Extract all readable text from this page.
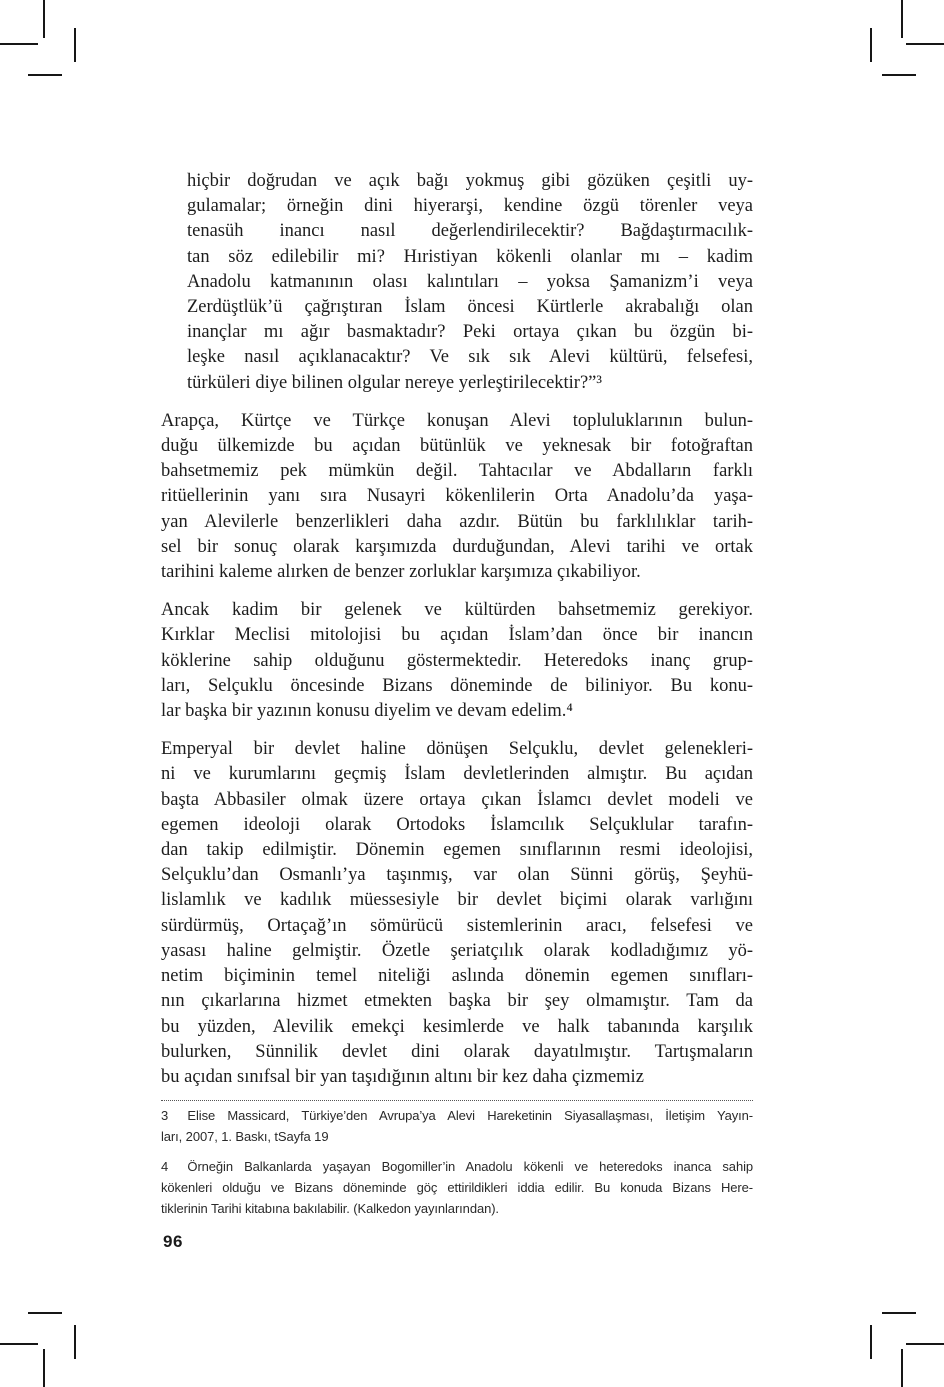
hiçbir doğrudan ve açık bağı yokmuş gibi gözüken çeşitli uy-
gulamalar; örneğin dini hiyerarşi, kendine özgü törenler veya
tenasüh inancı nasıl değerlendirilecektir? Bağdaştırmacılık-
tan söz edilebilir mi? Hıristiyan kökenli olanlar mı – kadim
Anadolu katmanının olası kalıntıları – yoksa Şamanizm’i veya
Zerdüştlük’ü çağrıştıran İslam öncesi Kürtlerle akrabalığı olan
inançlar mı ağır basmaktadır? Peki ortaya çıkan bu özgün bi-
leşke nasıl açıklanacaktır? Ve sık sık Alevi kültürü, felsefesi,
türküleri diye bilinen olgular nereye yerleştirilecektir?”³
Arapça, Kürtçe ve Türkçe konuşan Alevi topluluklarının bulun-
duğu ülkemizde bu açıdan bütünlük ve yeknesak bir fotoğraftan
bahsetmemiz pek mümkün değil. Tahtacılar ve Abdalların farklı
ritüellerinin yanı sıra Nusayri kökenlilerin Orta Anadolu’da yaşa-
yan Alevilerle benzerlikleri daha azdır. Bütün bu farklılıklar tarih-
sel bir sonuç olarak karşımızda durduğundan, Alevi tarihi ve ortak
tarihini kaleme alırken de benzer zorluklar karşımıza çıkabiliyor.
Ancak kadim bir gelenek ve kültürden bahsetmemiz gerekiyor.
Kırklar Meclisi mitolojisi bu açıdan İslam’dan önce bir inancın
köklerine sahip olduğunu göstermektedir. Heteredoks inanç grup-
ları, Selçuklu öncesinde Bizans döneminde de biliniyor. Bu konu-
lar başka bir yazının konusu diyelim ve devam edelim.⁴
Emperyal bir devlet haline dönüşen Selçuklu, devlet gelenekleri-
ni ve kurumlarını geçmiş İslam devletlerinden almıştır. Bu açıdan
başta Abbasiler olmak üzere ortaya çıkan İslamcı devlet modeli ve
egemen ideoloji olarak Ortodoks İslamcılık Selçuklular tarafın-
dan takip edilmiştir. Dönemin egemen sınıflarının resmi ideolojisi,
Selçuklu’dan Osmanlı’ya taşınmış, var olan Sünni görüş, Şeyhü-
lislamlık ve kadılık müessesiyle bir devlet biçimi olarak varlığını
sürdürmüş, Ortaçağ’ın sömürücü sistemlerinin aracı, felsefesi ve
yasası haline gelmiştir. Özetle şeriatçılık olarak kodladığımız yö-
netim biçiminin temel niteliği aslında dönemin egemen sınıfları-
nın çıkarlarına hizmet etmekten başka bir şey olmamıştır. Tam da
bu yüzden, Alevilik emekçi kesimlerde ve halk tabanında karşılık
bulurken, Sünnilik devlet dini olarak dayatılmıştır. Tartışmaların
bu açıdan sınıfsal bir yan taşıdığının altını bir kez daha çizmemiz
3  Elise Massicard, Türkiye’den Avrupa’ya Alevi Hareketinin Siyasallaşması, İletişim Yayın-
ları, 2007, 1. Baskı, tSayfa 19
4  Örneğin Balkanlarda yaşayan Bogomiller’in Anadolu kökenli ve heteredoks inanca sahip
kökenleri olduğu ve Bizans döneminde göç ettirildikleri iddia edilir. Bu konuda Bizans Here-
tiklerinin Tarihi kitabına bakılabilir. (Kalkedon yayınlarından).
96
